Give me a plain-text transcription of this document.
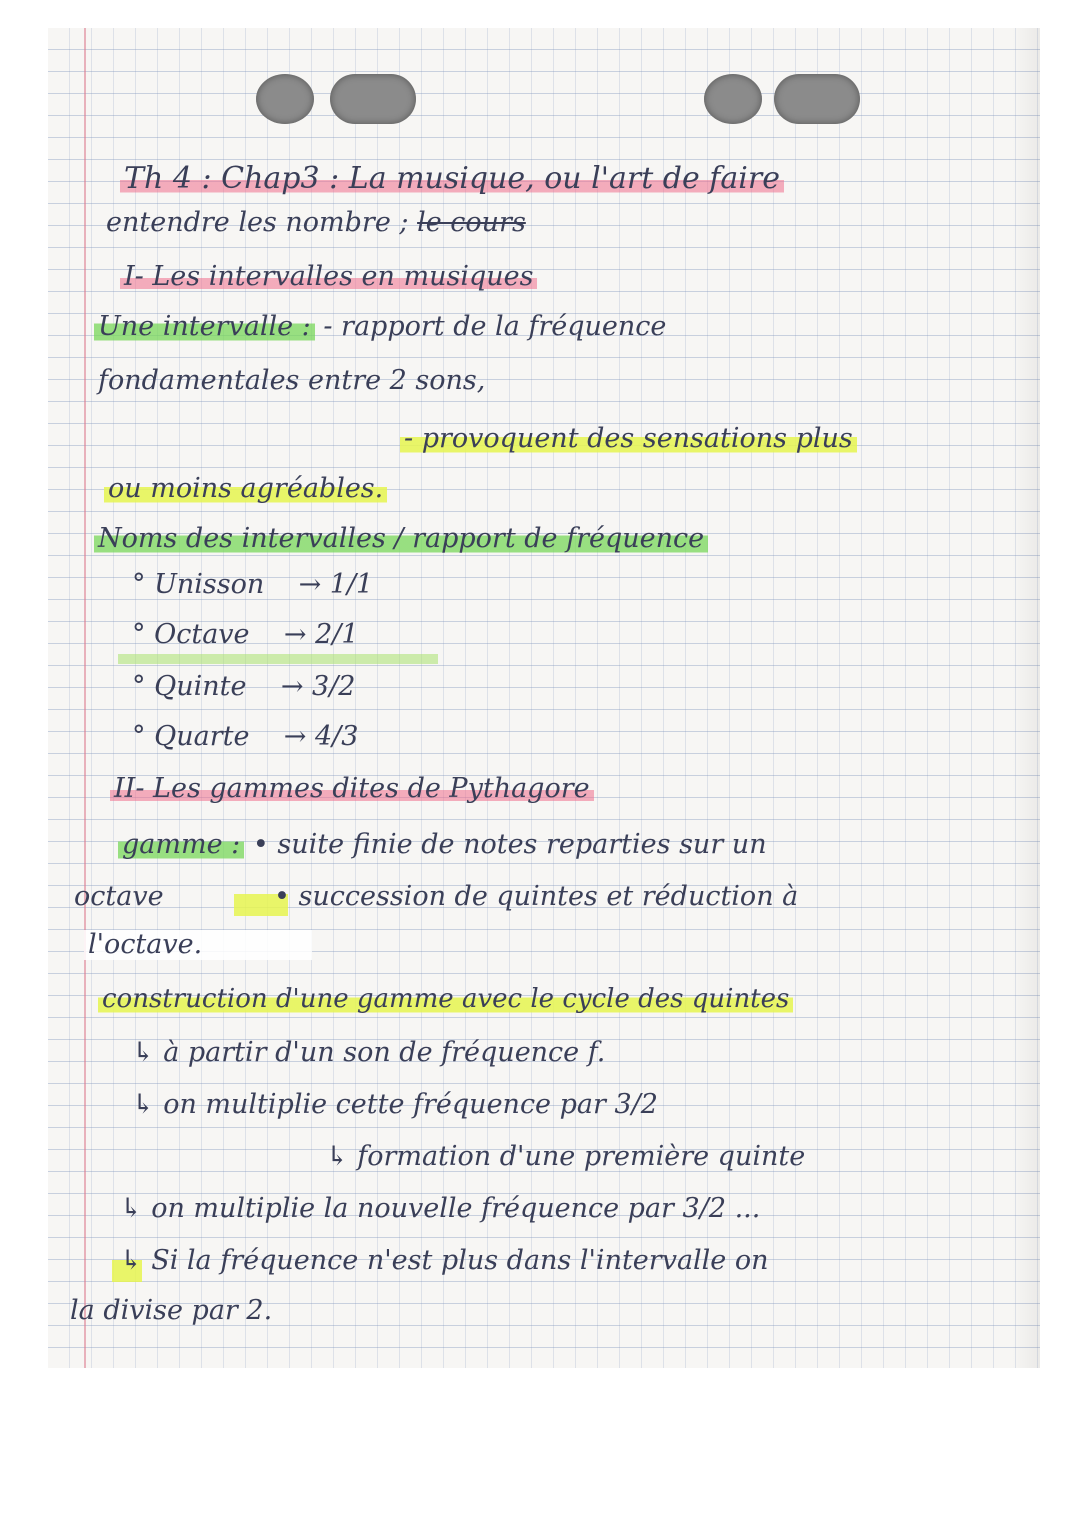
Th 4 : Chap3 : La musique, ou l'art de faire
entendre les nombre ; le cours
I- Les intervalles en musiques
Une intervalle : - rapport de la fréquence
fondamentales entre 2 sons,
- provoquent des sensations plus
ou moins agréables.
Noms des intervalles / rapport de fréquence
° Unisson → 1/1
° Octave → 2/1
° Quinte → 3/2
° Quarte → 4/3
II- Les gammes dites de Pythagore
gamme : • suite finie de notes reparties sur un
octave	• succession de quintes et réduction à
l'octave.
construction d'une gamme avec le cycle des quintes
↳ à partir d'un son de fréquence f.
↳ on multiplie cette fréquence par 3/2
↳ formation d'une première quinte
↳ on multiplie la nouvelle fréquence par 3/2 ...
↳ Si la fréquence n'est plus dans l'intervalle on
la divise par 2.
